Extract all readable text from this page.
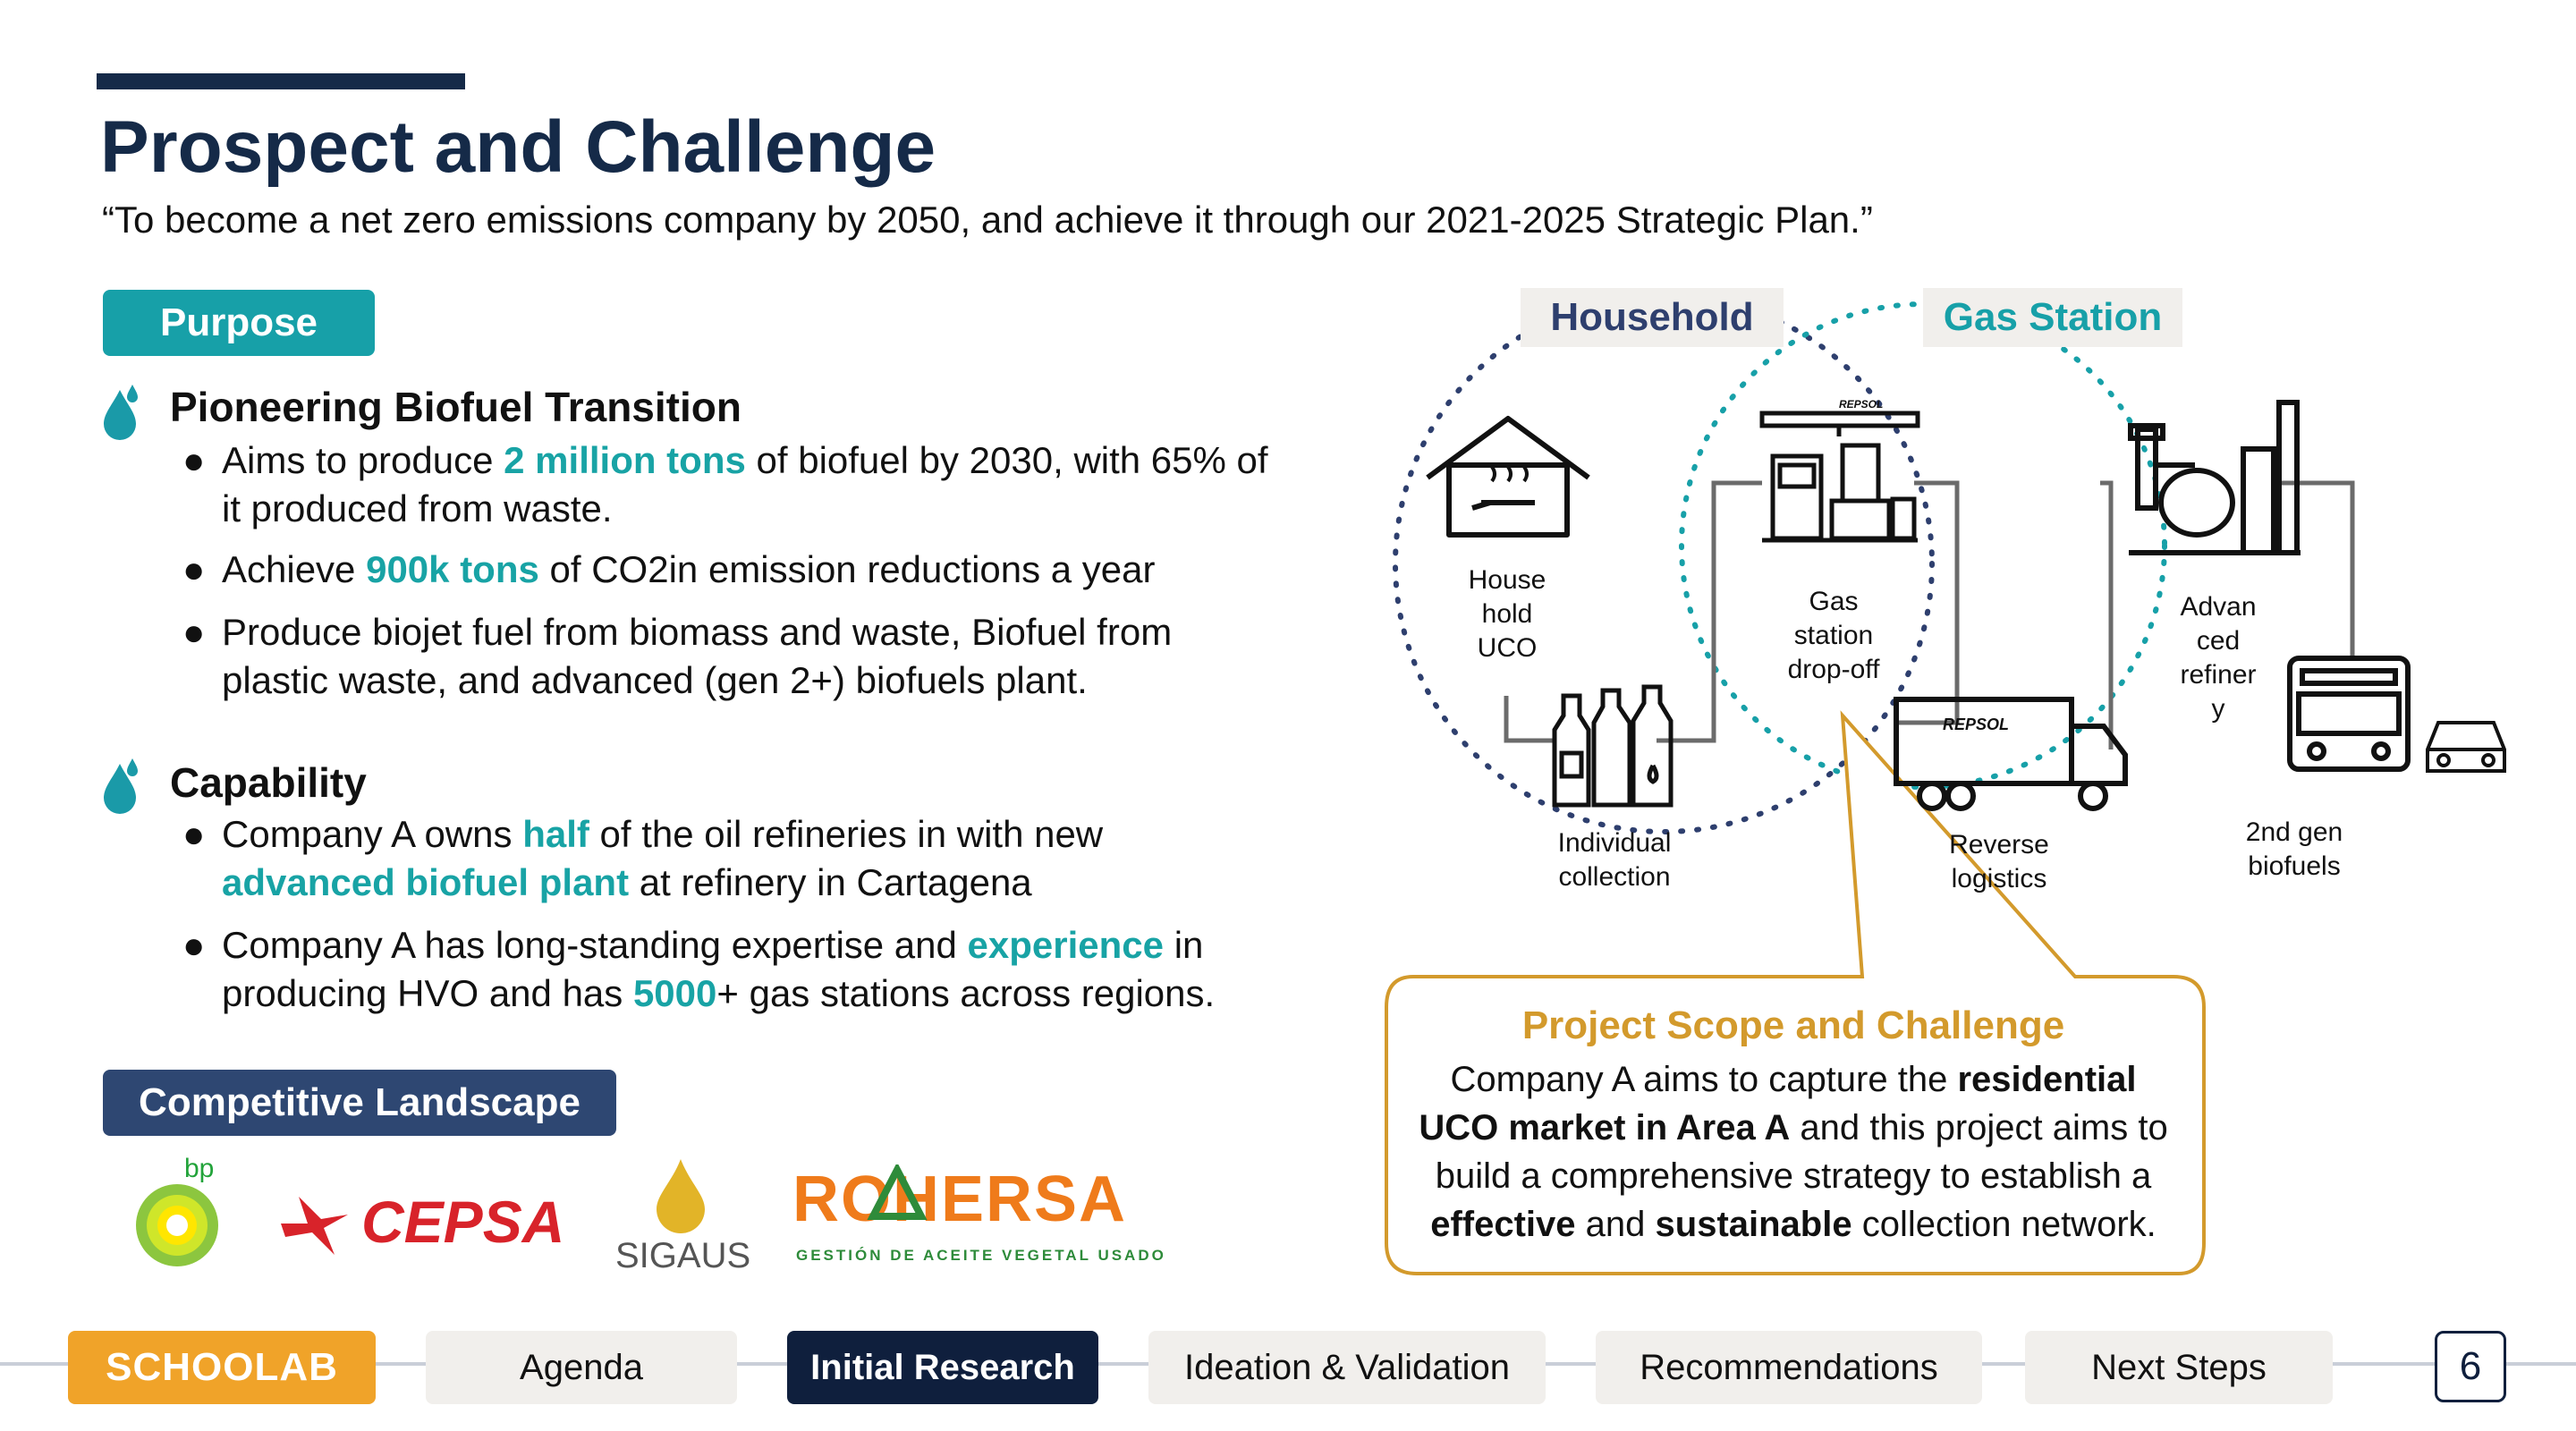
Prospect and Challenge
“To become a net zero emissions company by 2050, and achieve it through our 2021-2025 Strategic Plan.”
Purpose
Pioneering Biofuel Transition
● Aims to produce 2 million tons of biofuel by 2030, with 65% of it produced from waste.
● Achieve 900k tons of CO2in emission reductions a year
● Produce biojet fuel from biomass and waste, Biofuel from plastic waste, and advanced (gen 2+) biofuels plant.
Capability
● Company A owns half of the oil refineries in with new advanced biofuel plant at refinery in Cartagena
● Company A has long-standing expertise and experience in producing HVO and has 5000+ gas stations across regions.
Competitive Landscape
bp
CEPSA
SIGAUS
ROHERSA
GESTIÓN DE ACEITE VEGETAL USADO
REPSOL
REPSOL
Household	Gas Station
House
hold
UCO
Gas
station
drop-off
Advan
ced
refiner
y
Individual
collection
Reverse
logistics
2nd gen
biofuels
Project Scope and Challenge
Company A aims to capture the residential UCO market in Area A and this project aims to build a comprehensive strategy to establish a effective and sustainable collection network.
SCHOOLAB	Agenda	Initial Research	Ideation & Validation	Recommendations	Next Steps	6
